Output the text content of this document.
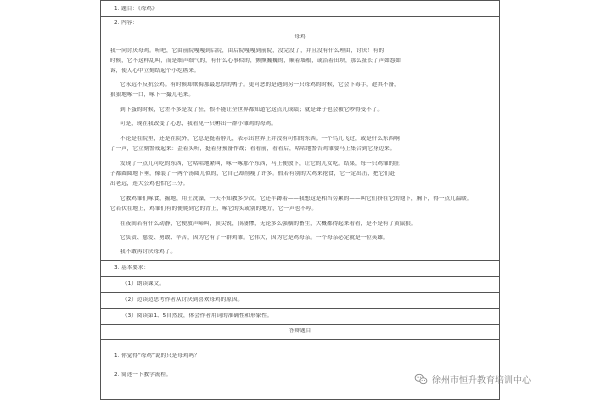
1. 题目：《母鸡》
2. 内容：
母鸡
我一向讨厌母鸡。听吧，它由前院嘎嘎到后院，由后院嘎嘎到前院，没完没了，并且没有什么理由，讨厌！有的
时候，它不这样乱叫，而是细声细气的，有什么心事似的，颤颤巍巍的，顺着墙根，或沿着田坝，那么扯长了声如怨如
诉，使人心中立刻结起个小疙瘩来。
它永远不反抗公鸡。有时候却欺侮那最忠厚的鸭子。更可恶的是遇到另一只母鸡的时候，它会下毒手，趁其不备，
狠狠地啄一口，啄下一撮儿毛来。
到下蛋的时候，它差不多是发了狂，恨不能让全世界都知道它这点儿成绩；就是聋子也会被它吵得受不了。
可是，现在我改变了心思，我看见一只孵出一群小雏鸡的母鸡。
不论是在院里，还是在院外，它总是挺着脖儿，表示出世界上并没有可怕的东西。一个鸟儿飞过，或是什么东西响
了一声，它立刻警戒起来：歪着头听，挺着身预备作战；看看前，看看后，咕咕地警告鸡雏要马上集合到它身边来。
发现了一点儿可吃的东西，它咕咕地紧叫，啄一啄那个东西，马上便放下，让它的儿女吃。结果，每一只鸡雏的肚
子都圆圆地下垂，像装了一两个汤圆儿似的，它自己却削瘦了许多。假若有别的大鸡来抢食，它一定出击，把它们赶
出老远，连大公鸡也怕它三分。
它教鸡雏们啄食，掘地，用土洗澡，一天不知教多少次。它还半蹲着——我想这是相当劳累的——叫它们挤在它的翅下，胸下，得一点儿温暖。
它若伏在地上，鸡雏们有的便爬到它的背上，啄它的头或别的地方，它一声也不哼。
在夜间若有什么动静，它便放声啼叫，顶尖锐，顶凄惨，无论多么强横的畜生，大概都得起来看看，是不是有了黄鼠狼。
它负责、慈爱、勇敢、辛苦，因为它有了一群鸡雏。它伟大，因为它是鸡母亲。一个母亲必定就是一位英雄。
我不敢再讨厌母鸡了。
3. 基本要求：
（1）朗读课文。
（2）边读边思考作者从讨厌到喜欢母鸡的原因。
（3）阅读第1、5自然段，体会作者用词的准确性和形象性。
答辩题目
1. 你觉得“母鸡”说的只是母鸡吗？
2. 简述一下教学流程。
徐州市恒升教育培训中心
